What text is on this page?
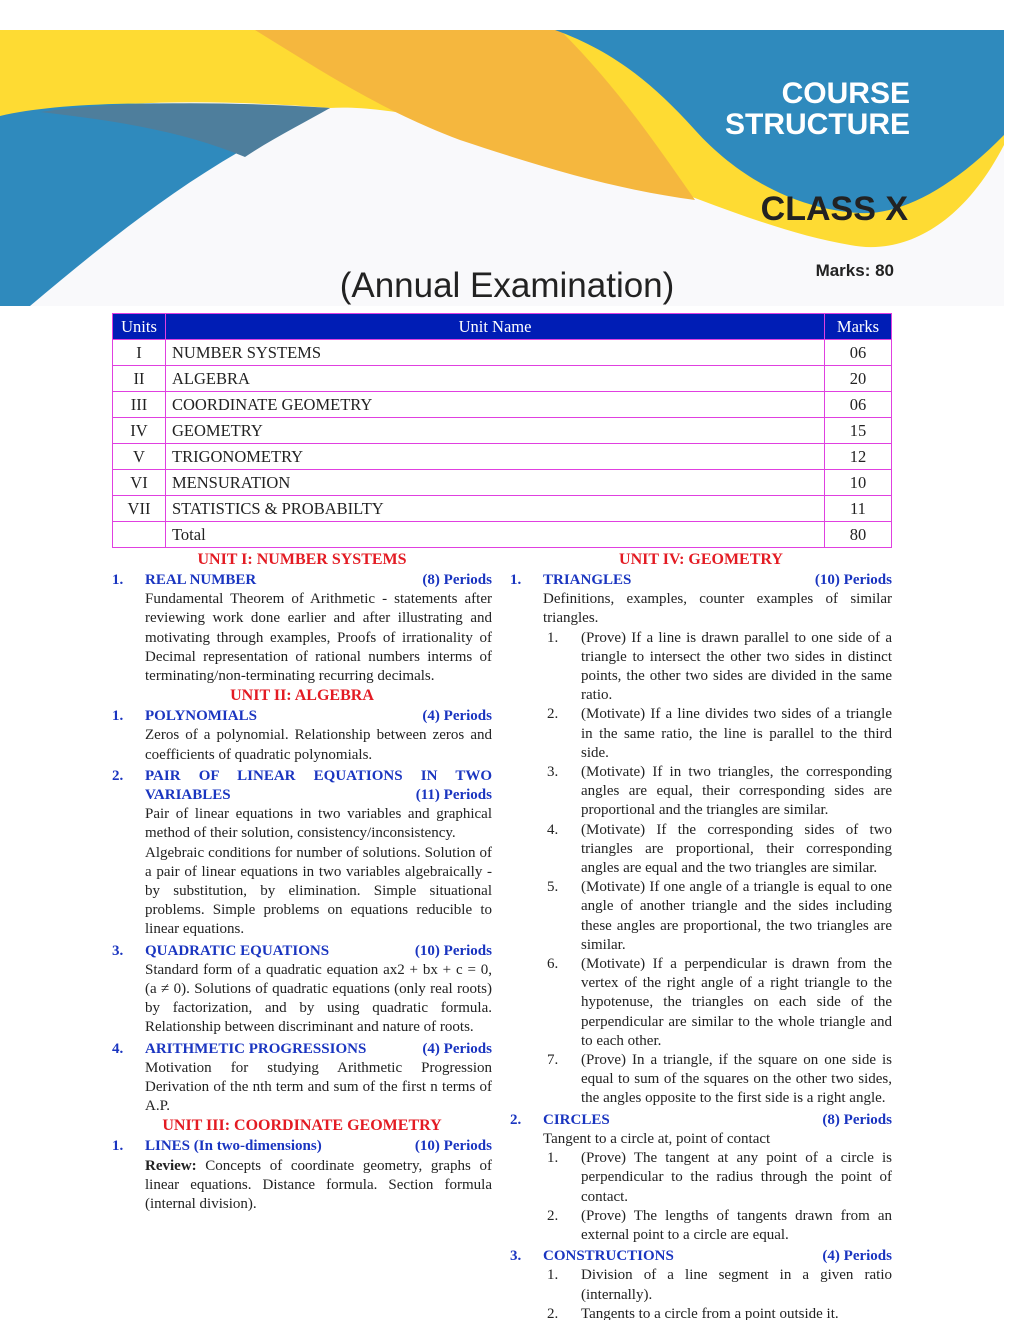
COURSE
STRUCTURE
CLASS X
Marks: 80
(Annual Examination)
Units	Unit Name	Marks
I	NUMBER SYSTEMS	06
II	ALGEBRA	20
III	COORDINATE GEOMETRY	06
IV	GEOMETRY	15
V	TRIGONOMETRY	12
VI	MENSURATION	10
VII	STATISTICS & PROBABILTY	11
	Total	80
UNIT I: NUMBER SYSTEMS
1.	REAL NUMBER	(8) Periods
Fundamental Theorem of Arithmetic - statements after reviewing work done earlier and after illustrating and motivating through examples, Proofs of irrationality of Decimal representation of rational numbers interms of terminating/non-terminating recurring decimals.
UNIT II: ALGEBRA
1.	POLYNOMIALS	(4) Periods
Zeros of a polynomial. Relationship between zeros and coefficients of quadratic polynomials.
2.	PAIR OF LINEAR EQUATIONS IN TWO
VARIABLES	(11) Periods
Pair of linear equations in two variables and graphical method of their solution, consistency/inconsistency.
Algebraic conditions for number of solutions. Solution of a pair of linear equations in two variables algebraically - by substitution, by elimination. Simple situational problems. Simple problems on equations reducible to linear equations.
3.	QUADRATIC EQUATIONS	(10) Periods
Standard form of a quadratic equation ax2 + bx + c = 0, (a ≠ 0). Solutions of quadratic equations (only real roots) by factorization, and by using quadratic formula. Relationship between discriminant and nature of roots.
4.	ARITHMETIC PROGRESSIONS	(4) Periods
Motivation for studying Arithmetic Progression Derivation of the nth term and sum of the first n terms of A.P.
UNIT III: COORDINATE GEOMETRY
1.	LINES (In two-dimensions)	(10) Periods
Review: Concepts of coordinate geometry, graphs of linear equations. Distance formula. Section formula (internal division).
UNIT IV: GEOMETRY
1.	TRIANGLES	(10) Periods
Definitions, examples, counter examples of similar triangles.
1.	(Prove) If a line is drawn parallel to one side of a triangle to intersect the other two sides in distinct points, the other two sides are divided in the same ratio.
2.	(Motivate) If a line divides two sides of a triangle in the same ratio, the line is parallel to the third side.
3.	(Motivate) If in two triangles, the corresponding angles are equal, their corresponding sides are proportional and the triangles are similar.
4.	(Motivate) If the corresponding sides of two triangles are proportional, their corresponding angles are equal and the two triangles are similar.
5.	(Motivate) If one angle of a triangle is equal to one angle of another triangle and the sides including these angles are proportional, the two triangles are similar.
6.	(Motivate) If a perpendicular is drawn from the vertex of the right angle of a right triangle to the hypotenuse, the triangles on each side of the perpendicular are similar to the whole triangle and to each other.
7.	(Prove) In a triangle, if the square on one side is equal to sum of the squares on the other two sides, the angles opposite to the first side is a right angle.
2.	CIRCLES	(8) Periods
Tangent to a circle at, point of contact
1.	(Prove) The tangent at any point of a circle is perpendicular to the radius through the point of contact.
2.	(Prove) The lengths of tangents drawn from an external point to a circle are equal.
3.	CONSTRUCTIONS	(4) Periods
1.	Division of a line segment in a given ratio (internally).
2.	Tangents to a circle from a point outside it.
